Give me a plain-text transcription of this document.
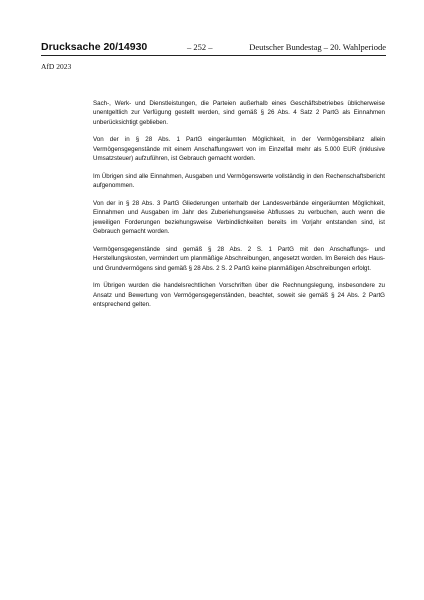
Drucksache 20/14930	– 252 –	Deutscher Bundestag – 20. Wahlperiode
AfD 2023

Sach-, Werk- und Dienstleistungen, die Parteien außerhalb eines Geschäftsbetriebes üblicherweise unentgeltlich zur Verfügung gestellt werden, sind gemäß § 26 Abs. 4 Satz 2 PartG als Einnahmen unberücksichtigt geblieben.

Von der in § 28 Abs. 1 PartG eingeräumten Möglichkeit, in der Vermögensbilanz allein Vermögensgegenstände mit einem Anschaffungswert von im Einzelfall mehr als 5.000 EUR (inklusive Umsatzsteuer) aufzuführen, ist Gebrauch gemacht worden.

Im Übrigen sind alle Einnahmen, Ausgaben und Vermögenswerte vollständig in den Rechenschaftsbericht aufgenommen.

Von der in § 28 Abs. 3 PartG Gliederungen unterhalb der Landesverbände eingeräumten Möglichkeit, Einnahmen und Ausgaben im Jahr des Zuberiehungsweise Abflusses zu verbuchen, auch wenn die jeweiligen Forderungen beziehungsweise Verbindlichkeiten bereits im Vorjahr entstanden sind, ist Gebrauch gemacht worden.

Vermögensgegenstände sind gemäß § 28 Abs. 2 S. 1 PartG mit den Anschaffungs- und Herstellungskosten, vermindert um planmäßige Abschreibungen, angesetzt worden. Im Bereich des Haus- und Grundvermögens sind gemäß § 28 Abs. 2 S. 2 PartG keine planmäßigen Abschreibungen erfolgt.

Im Übrigen wurden die handelsrechtlichen Vorschriften über die Rechnungslegung, insbesondere zu Ansatz und Bewertung von Vermögensgegenständen, beachtet, soweit sie gemäß § 24 Abs. 2 PartG entsprechend gelten.
